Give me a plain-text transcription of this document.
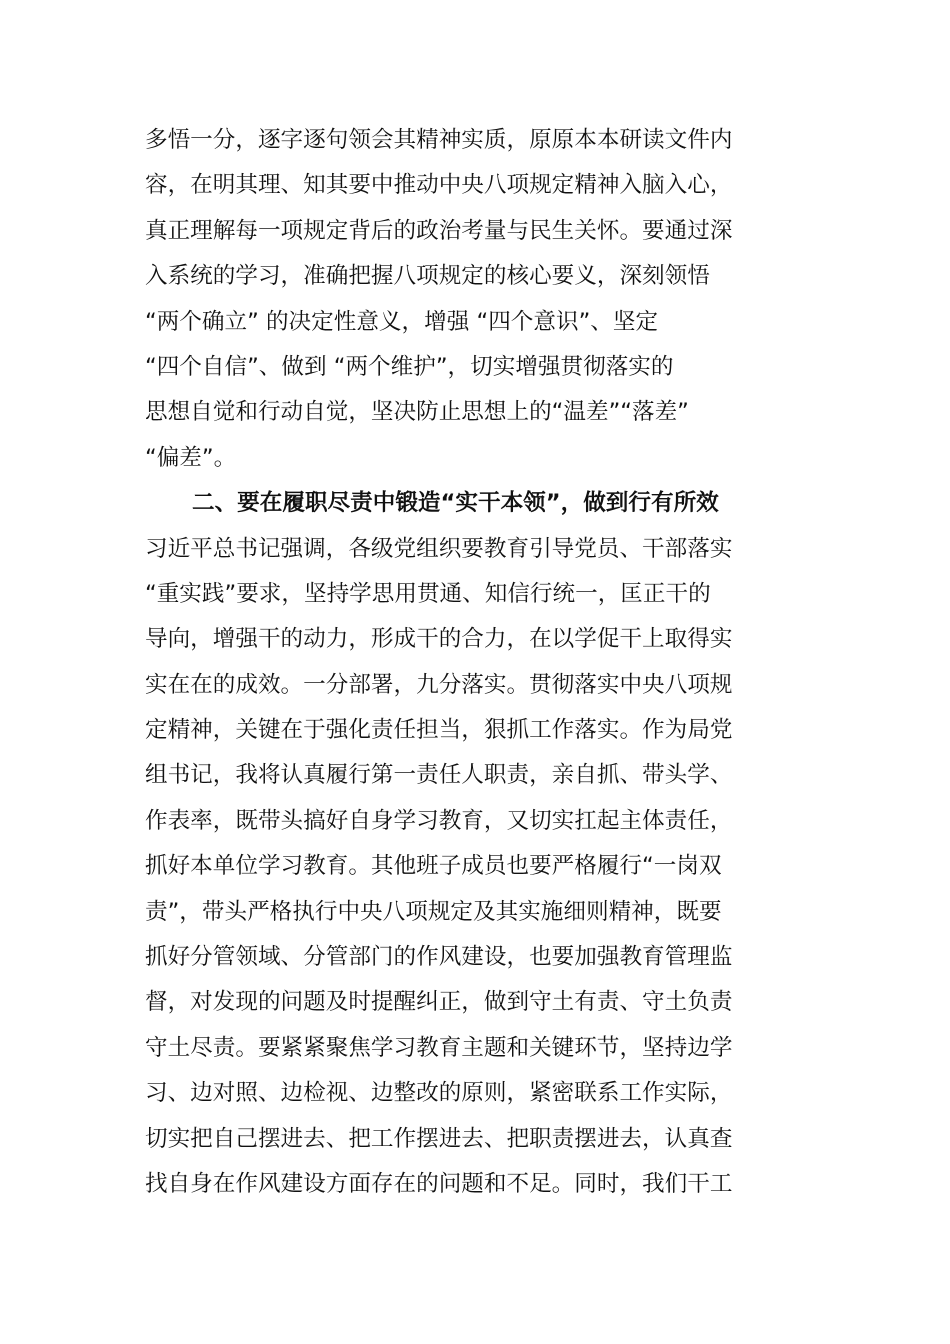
多悟一分，逐字逐句领会其精神实质，原原本本研读文件内
容，在明其理、知其要中推动中央八项规定精神入脑入心，
真正理解每一项规定背后的政治考量与民生关怀。要通过深
入系统的学习，准确把握八项规定的核心要义，深刻领悟
“两个确立” 的决定性意义，增强 “四个意识”、坚定
“四个自信”、做到 “两个维护”，切实增强贯彻落实的
思想自觉和行动自觉，坚决防止思想上的“温差”“落差”
“偏差”。
二、要在履职尽责中锻造“实干本领”，做到行有所效
习近平总书记强调，各级党组织要教育引导党员、干部落实
“重实践”要求，坚持学思用贯通、知信行统一，匡正干的
导向，增强干的动力，形成干的合力，在以学促干上取得实
实在在的成效。一分部署，九分落实。贯彻落实中央八项规
定精神，关键在于强化责任担当，狠抓工作落实。作为局党
组书记，我将认真履行第一责任人职责，亲自抓、带头学、
作表率，既带头搞好自身学习教育，又切实扛起主体责任，
抓好本单位学习教育。其他班子成员也要严格履行“一岗双
责”，带头严格执行中央八项规定及其实施细则精神，既要
抓好分管领域、分管部门的作风建设，也要加强教育管理监
督，对发现的问题及时提醒纠正，做到守土有责、守土负责
守土尽责。要紧紧聚焦学习教育主题和关键环节，坚持边学
习、边对照、边检视、边整改的原则，紧密联系工作实际，
切实把自己摆进去、把工作摆进去、把职责摆进去，认真查
找自身在作风建设方面存在的问题和不足。同时，我们干工
